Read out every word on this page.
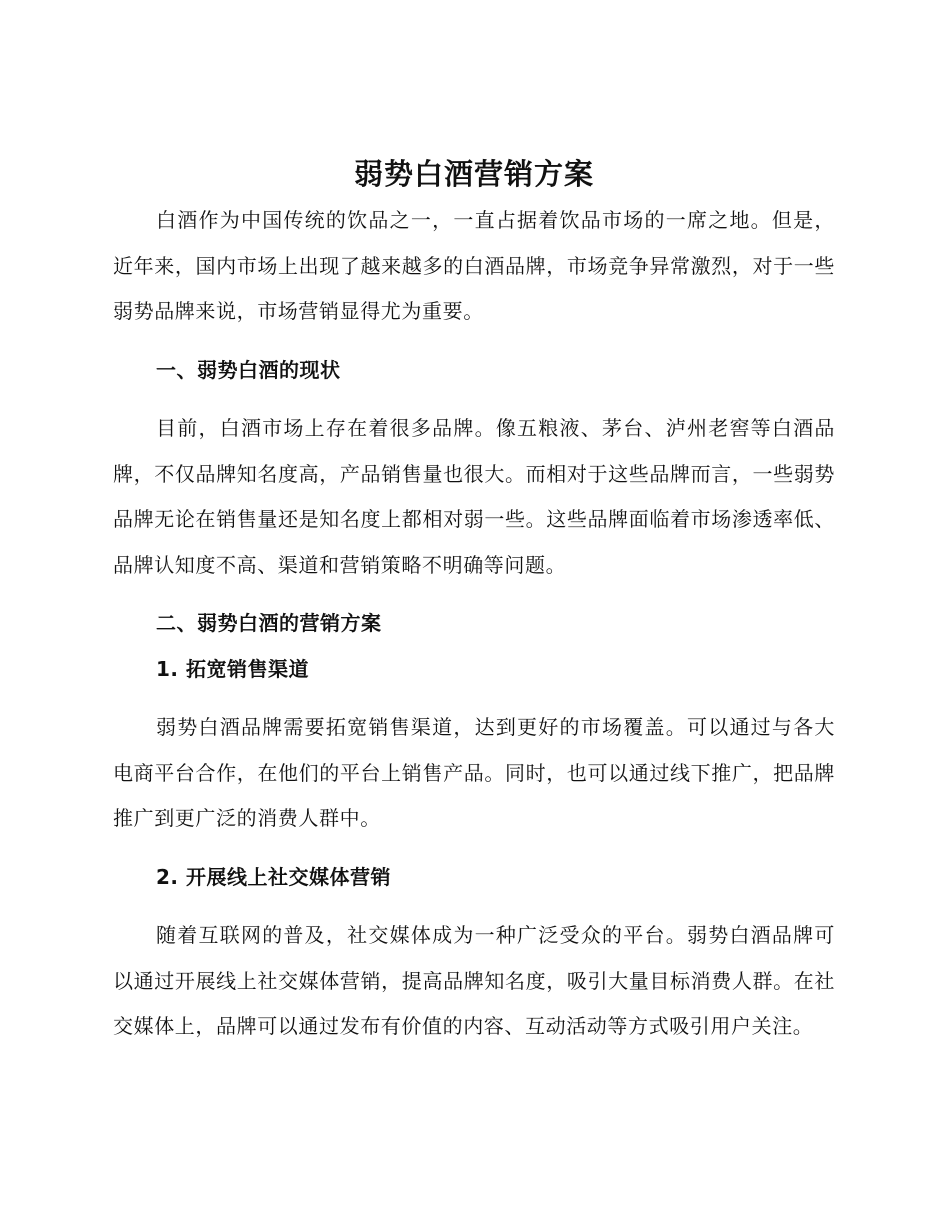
弱势白酒营销方案

白酒作为中国传统的饮品之一，一直占据着饮品市场的一席之地。但是，近年来，国内市场上出现了越来越多的白酒品牌，市场竞争异常激烈，对于一些弱势品牌来说，市场营销显得尤为重要。

一、弱势白酒的现状

目前，白酒市场上存在着很多品牌。像五粮液、茅台、泸州老窖等白酒品牌，不仅品牌知名度高，产品销售量也很大。而相对于这些品牌而言，一些弱势品牌无论在销售量还是知名度上都相对弱一些。这些品牌面临着市场渗透率低、品牌认知度不高、渠道和营销策略不明确等问题。

二、弱势白酒的营销方案
1. 拓宽销售渠道

弱势白酒品牌需要拓宽销售渠道，达到更好的市场覆盖。可以通过与各大电商平台合作，在他们的平台上销售产品。同时，也可以通过线下推广，把品牌推广到更广泛的消费人群中。

2. 开展线上社交媒体营销

随着互联网的普及，社交媒体成为一种广泛受众的平台。弱势白酒品牌可以通过开展线上社交媒体营销，提高品牌知名度，吸引大量目标消费人群。在社交媒体上，品牌可以通过发布有价值的内容、互动活动等方式吸引用户关注。
